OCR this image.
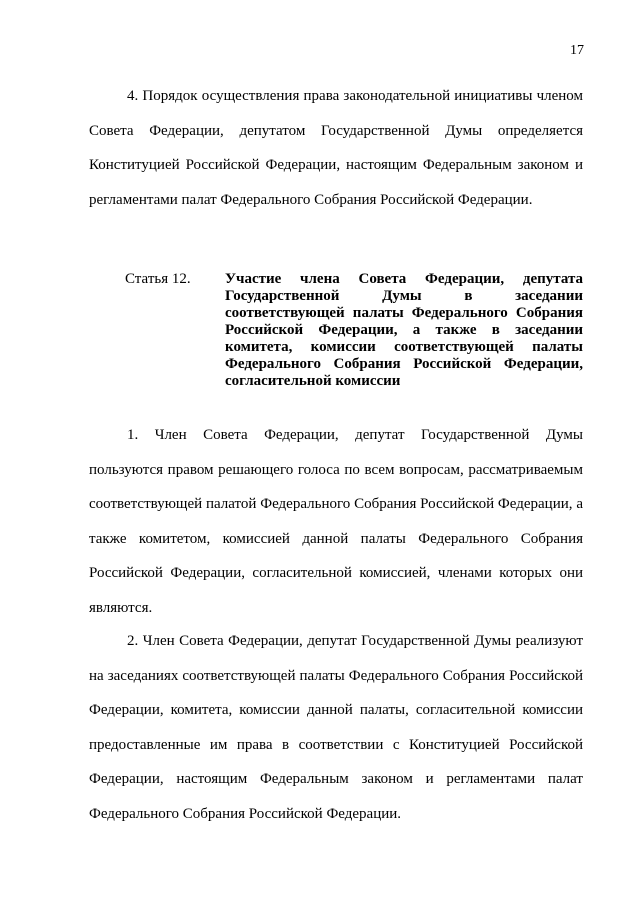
17

4. Порядок осуществления права законодательной инициативы членом Совета Федерации, депутатом Государственной Думы определяется Конституцией Российской Федерации, настоящим Федеральным законом и регламентами палат Федерального Собрания Российской Федерации.

Статья 12. Участие члена Совета Федерации, депутата Государственной Думы в заседании соответствующей палаты Федерального Собрания Российской Федерации, а также в заседании комитета, комиссии соответствующей палаты Федерального Собрания Российской Федерации, согласительной комиссии

1. Член Совета Федерации, депутат Государственной Думы пользуются правом решающего голоса по всем вопросам, рассматриваемым соответствующей палатой Федерального Собрания Российской Федерации, а также комитетом, комиссией данной палаты Федерального Собрания Российской Федерации, согласительной комиссией, членами которых они являются.

2. Член Совета Федерации, депутат Государственной Думы реализуют на заседаниях соответствующей палаты Федерального Собрания Российской Федерации, комитета, комиссии данной палаты, согласительной комиссии предоставленные им права в соответствии с Конституцией Российской Федерации, настоящим Федеральным законом и регламентами палат Федерального Собрания Российской Федерации.
